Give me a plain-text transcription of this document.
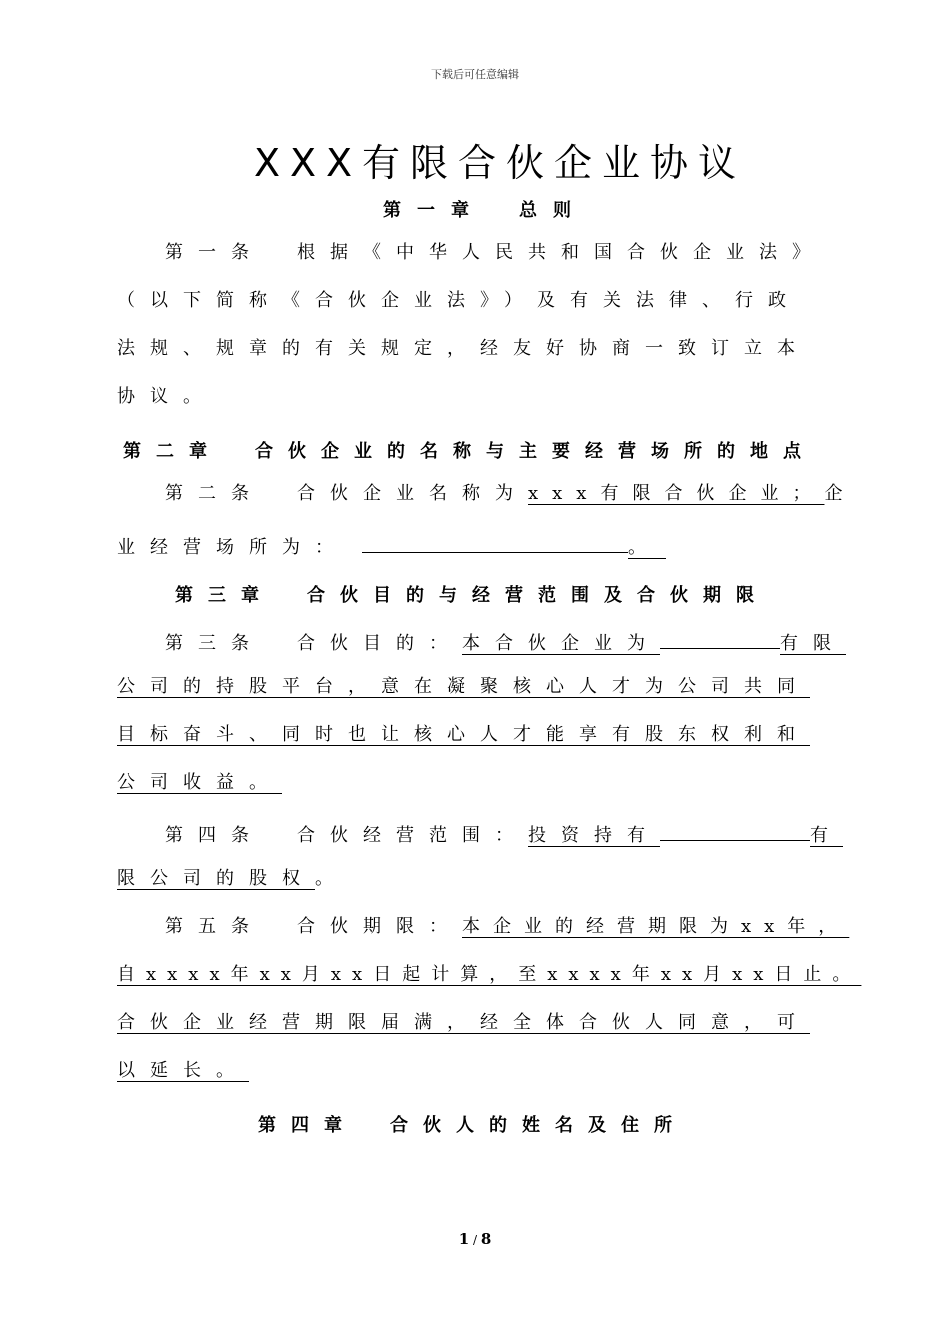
下载后可任意编辑
XXX有限合伙企业协议
第一章　总则
第一条　根据《中华人民共和国合伙企业法》
（以下简称《合伙企业法》）及有关法律、行政
法规、规章的有关规定，经友好协商一致订立本
协议。
第二章　合伙企业的名称与主要经营场所的地点
第二条　合伙企业名称为xxx有限合伙企业；企
业经营场所为：	。
第三章　合伙目的与经营范围及合伙期限
第三条　合伙目的：本合伙企业为	有限
公司的持股平台，意在凝聚核心人才为公司共同
目标奋斗、同时也让核心人才能享有股东权利和
公司收益。
第四条　合伙经营范围：投资持有	有
限公司的股权。
第五条　合伙期限：本企业的经营期限为xx年，
自xxxx年xx月xx日起计算，至xxxx年xx月xx日止。
合伙企业经营期限届满，经全体合伙人同意，可
以延长。
第四章　合伙人的姓名及住所
1 / 8
